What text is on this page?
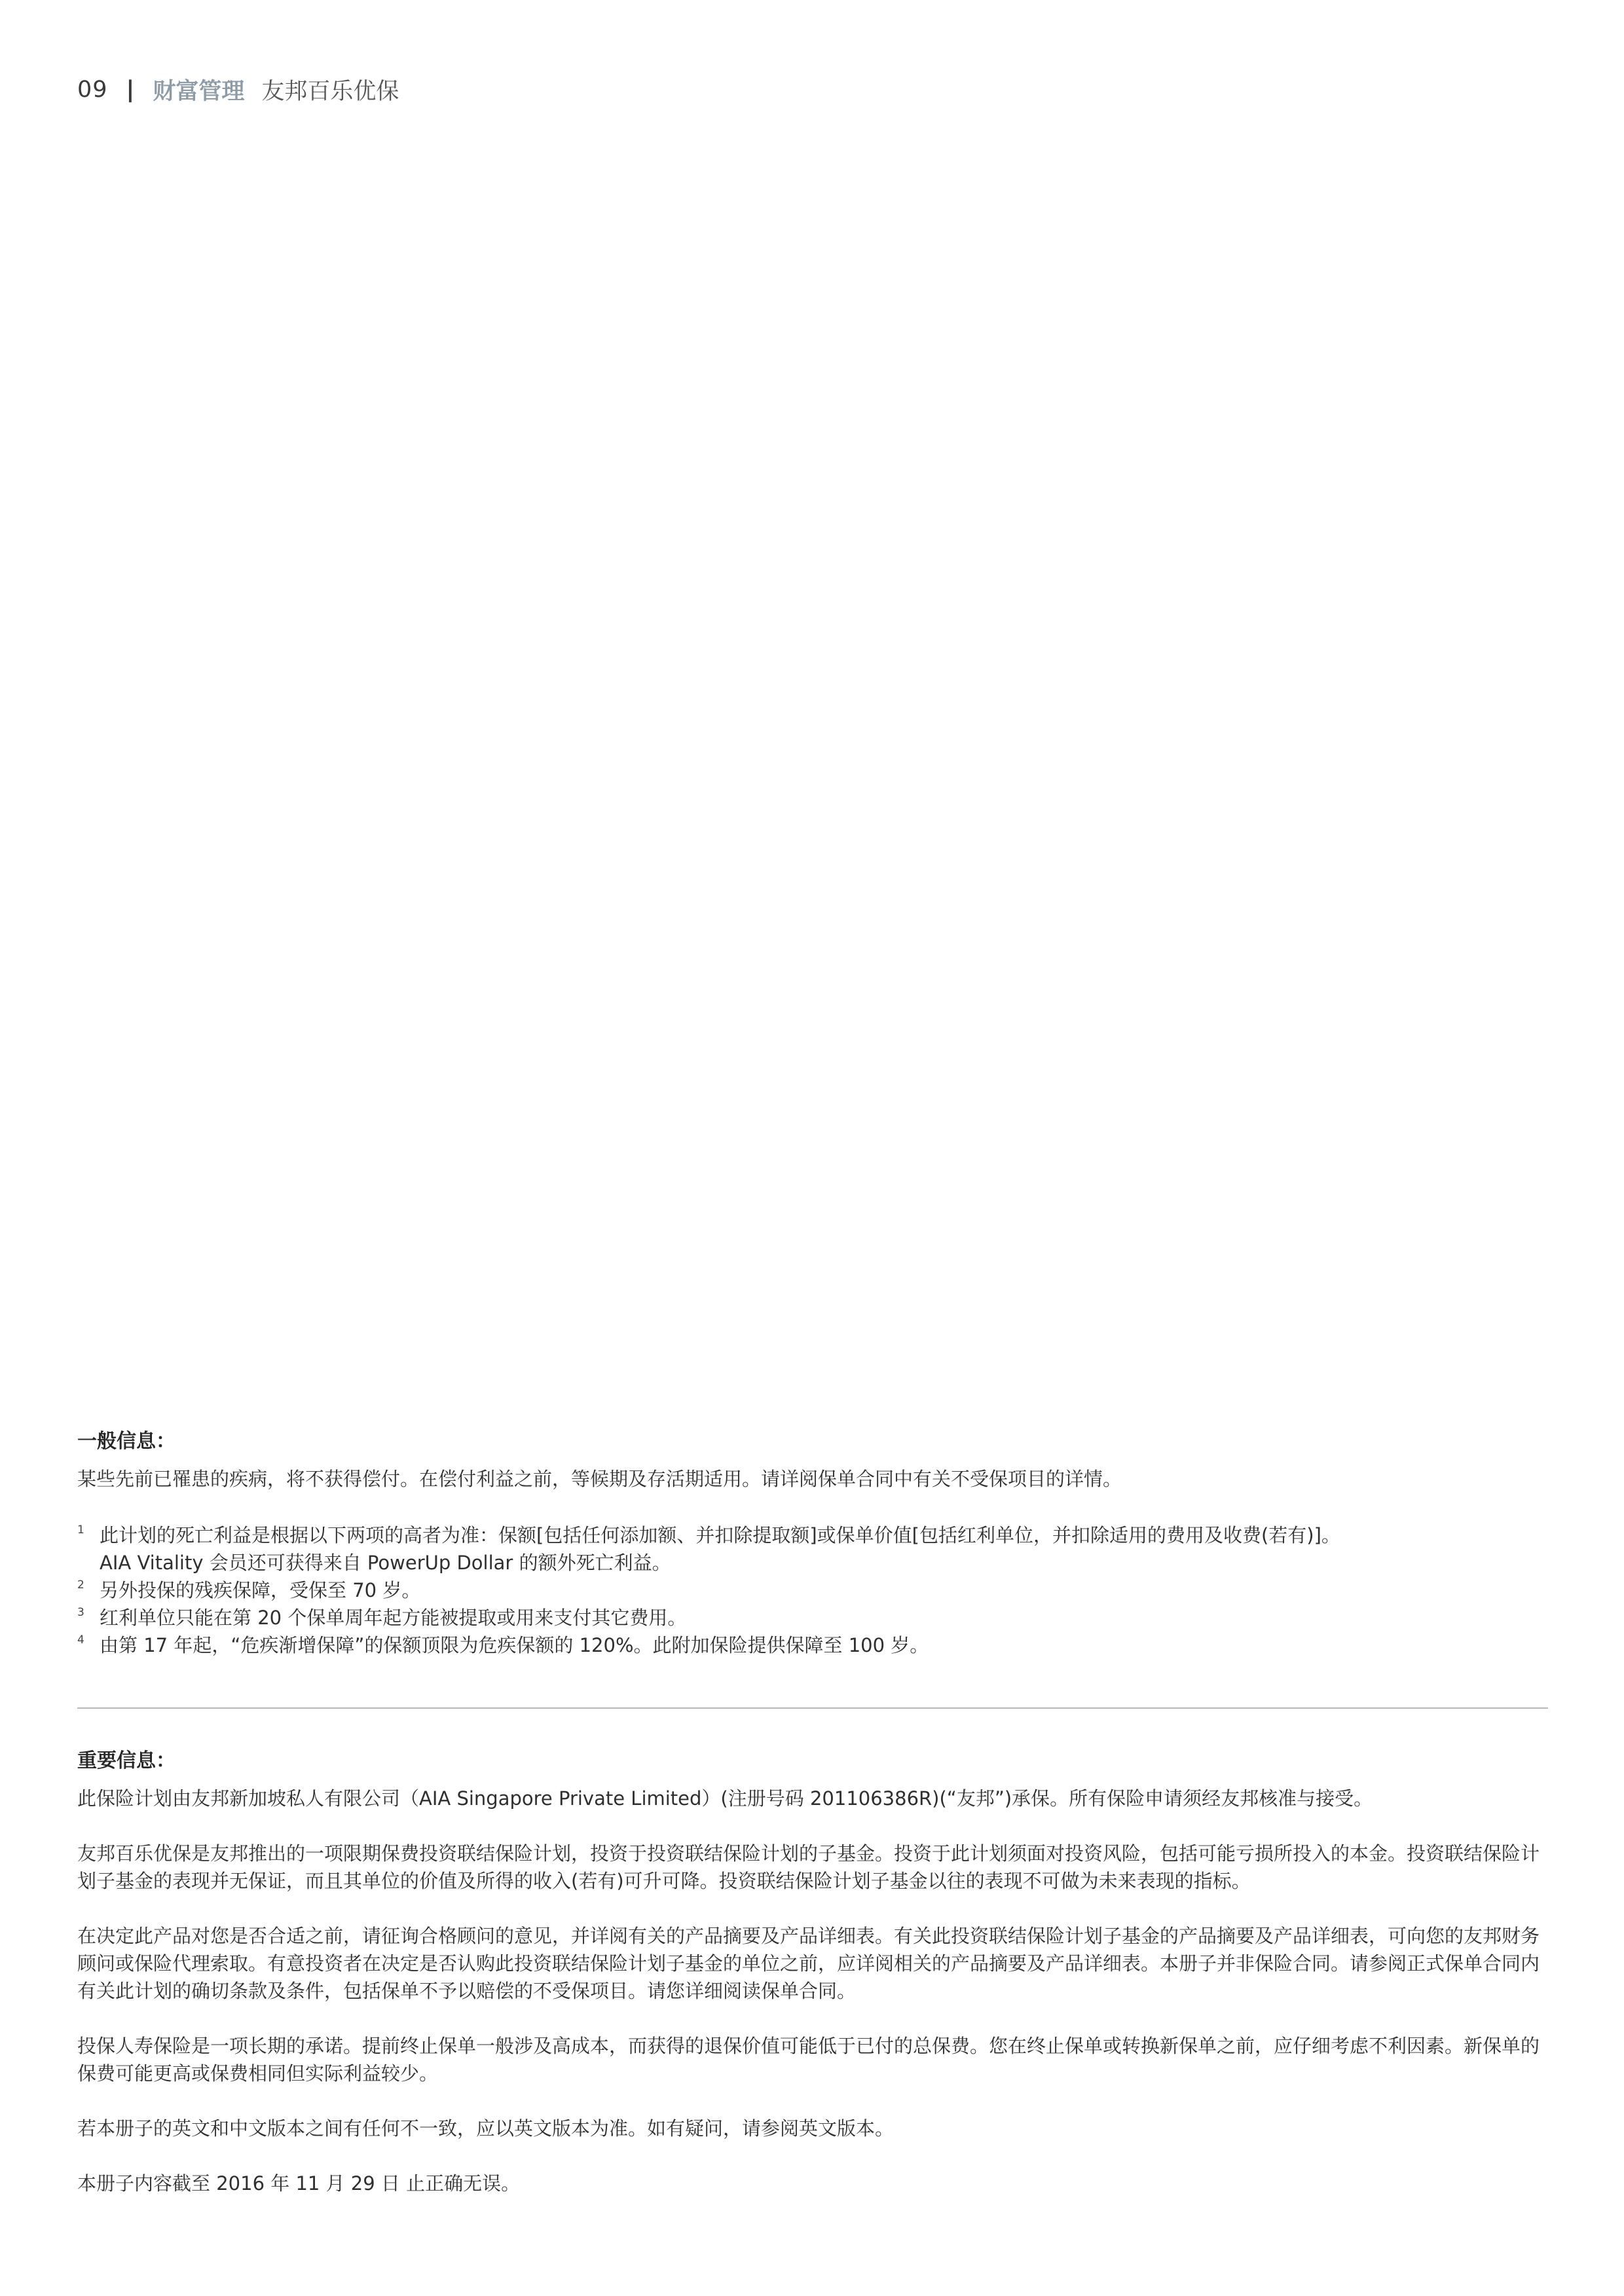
09 | 财富管理 友邦百乐优保

一般信息：

某些先前已罹患的疾病，将不获得偿付。在偿付利益之前，等候期及存活期适用。请详阅保单合同中有关不受保项目的详情。

1 此计划的死亡利益是根据以下两项的高者为准：保额[包括任何添加额、并扣除提取额]或保单价值[包括红利单位，并扣除适用的费用及收费(若有)]。
AIA Vitality 会员还可获得来自 PowerUp Dollar 的额外死亡利益。
2 另外投保的残疾保障，受保至 70 岁。
3 红利单位只能在第 20 个保单周年起方能被提取或用来支付其它费用。
4 由第 17 年起，“危疾渐增保障”的保额顶限为危疾保额的 120%。此附加保险提供保障至 100 岁。

重要信息：

此保险计划由友邦新加坡私人有限公司（AIA Singapore Private Limited）(注册号码 201106386R)(“友邦”)承保。所有保险申请须经友邦核准与接受。

友邦百乐优保是友邦推出的一项限期保费投资联结保险计划，投资于投资联结保险计划的子基金。投资于此计划须面对投资风险，包括可能亏损所投入的本金。投资联结保险计划子基金的表现并无保证，而且其单位的价值及所得的收入(若有)可升可降。投资联结保险计划子基金以往的表现不可做为未来表现的指标。

在决定此产品对您是否合适之前，请征询合格顾问的意见，并详阅有关的产品摘要及产品详细表。有关此投资联结保险计划子基金的产品摘要及产品详细表，可向您的友邦财务顾问或保险代理索取。有意投资者在决定是否认购此投资联结保险计划子基金的单位之前，应详阅相关的产品摘要及产品详细表。本册子并非保险合同。请参阅正式保单合同内有关此计划的确切条款及条件，包括保单不予以赔偿的不受保项目。请您详细阅读保单合同。

投保人寿保险是一项长期的承诺。提前终止保单一般涉及高成本，而获得的退保价值可能低于已付的总保费。您在终止保单或转换新保单之前，应仔细考虑不利因素。新保单的保费可能更高或保费相同但实际利益较少。

若本册子的英文和中文版本之间有任何不一致，应以英文版本为准。如有疑问，请参阅英文版本。

本册子内容截至 2016 年 11 月 29 日 止正确无误。
